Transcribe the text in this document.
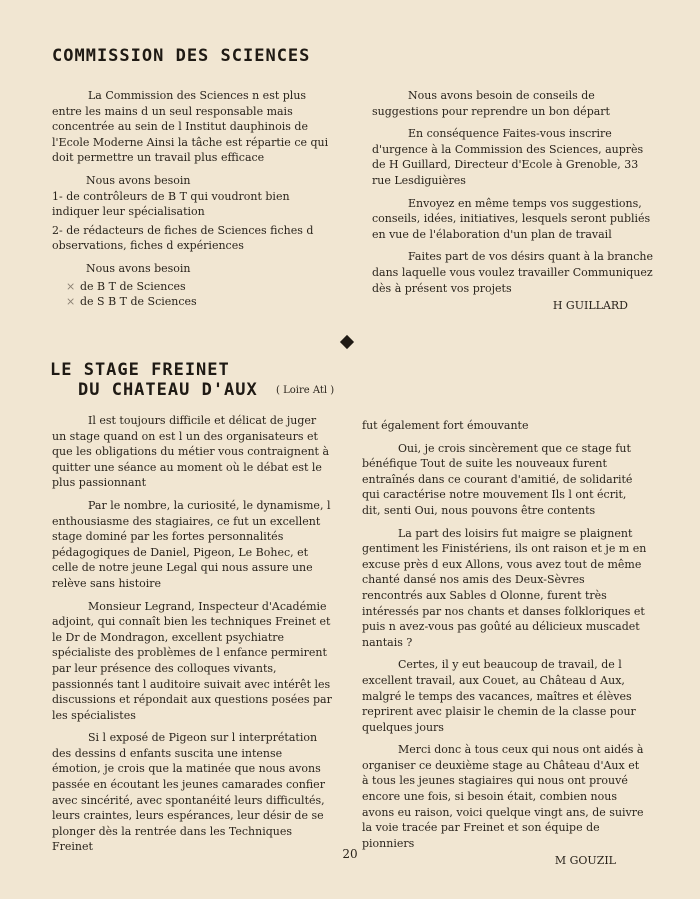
COMMISSION DES SCIENCES

La Commission des Sciences n est plus entre les mains d un seul responsable mais concentrée au sein de l Institut dauphinois de l'Ecole Moderne Ainsi la tâche est répartie ce qui doit permettre un travail plus efficace

Nous avons besoin

1- de contrôleurs de B T qui voudront bien indiquer leur spécialisation

2- de rédacteurs de fiches de Sciences fiches d observations, fiches d expériences

Nous avons besoin

× de B T de Sciences
× de S B T de Sciences

Nous avons besoin de conseils de suggestions pour reprendre un bon départ

En conséquence Faites-vous inscrire d'urgence à la Commission des Sciences, auprès de H Guillard, Directeur d'Ecole à Grenoble, 33 rue Lesdiguières

Envoyez en même temps vos suggestions, conseils, idées, initiatives, lesquels seront publiés en vue de l'élaboration d'un plan de travail

Faites part de vos désirs quant à la branche dans laquelle vous voulez travailler Communiquez dès à présent vos projets

H GUILLARD
LE STAGE FREINET
DU CHATEAU D'AUX ( Loire Atl )

Il est toujours difficile et délicat de juger un stage quand on est l un des organisateurs et que les obligations du métier vous contraignent à quitter une séance au moment où le débat est le plus passionnant

Par le nombre, la curiosité, le dynamisme, l enthousiasme des stagiaires, ce fut un excellent stage dominé par les fortes personnalités pédagogiques de Daniel, Pigeon, Le Bohec, et celle de notre jeune Legal qui nous assure une relève sans histoire

Monsieur Legrand, Inspecteur d'Académie adjoint, qui connaît bien les techniques Freinet et le Dr de Mondragon, excellent psychiatre spécialiste des problèmes de l enfance permirent par leur présence des colloques vivants, passionnés tant l auditoire suivait avec intérêt les discussions et répondait aux questions posées par les spécialistes

Si l exposé de Pigeon sur l interprétation des dessins d enfants suscita une intense émotion, je crois que la matinée que nous avons passée en écoutant les jeunes camarades confier avec sincérité, avec spontanéité leurs difficultés, leurs craintes, leurs espérances, leur désir de se plonger dès la rentrée dans les Techniques Freinet

fut également fort émouvante

Oui, je crois sincèrement que ce stage fut bénéfique Tout de suite les nouveaux furent entraînés dans ce courant d'amitié, de solidarité qui caractérise notre mouvement Ils l ont écrit, dit, senti Oui, nous pouvons être contents

La part des loisirs fut maigre se plaignent gentiment les Finistériens, ils ont raison et je m en excuse près d eux Allons, vous avez tout de même chanté dansé nos amis des Deux-Sèvres rencontrés aux Sables d Olonne, furent très intéressés par nos chants et danses folkloriques et puis n avez-vous pas goûté au délicieux muscadet nantais ?

Certes, il y eut beaucoup de travail, de l excellent travail, aux Couet, au Château d Aux, malgré le temps des vacances, maîtres et élèves reprirent avec plaisir le chemin de la classe pour quelques jours

Merci donc à tous ceux qui nous ont aidés à organiser ce deuxième stage au Château d'Aux et à tous les jeunes stagiaires qui nous ont prouvé encore une fois, si besoin était, combien nous avons eu raison, voici quelque vingt ans, de suivre la voie tracée par Freinet et son équipe de pionniers

M GOUZIL
20
